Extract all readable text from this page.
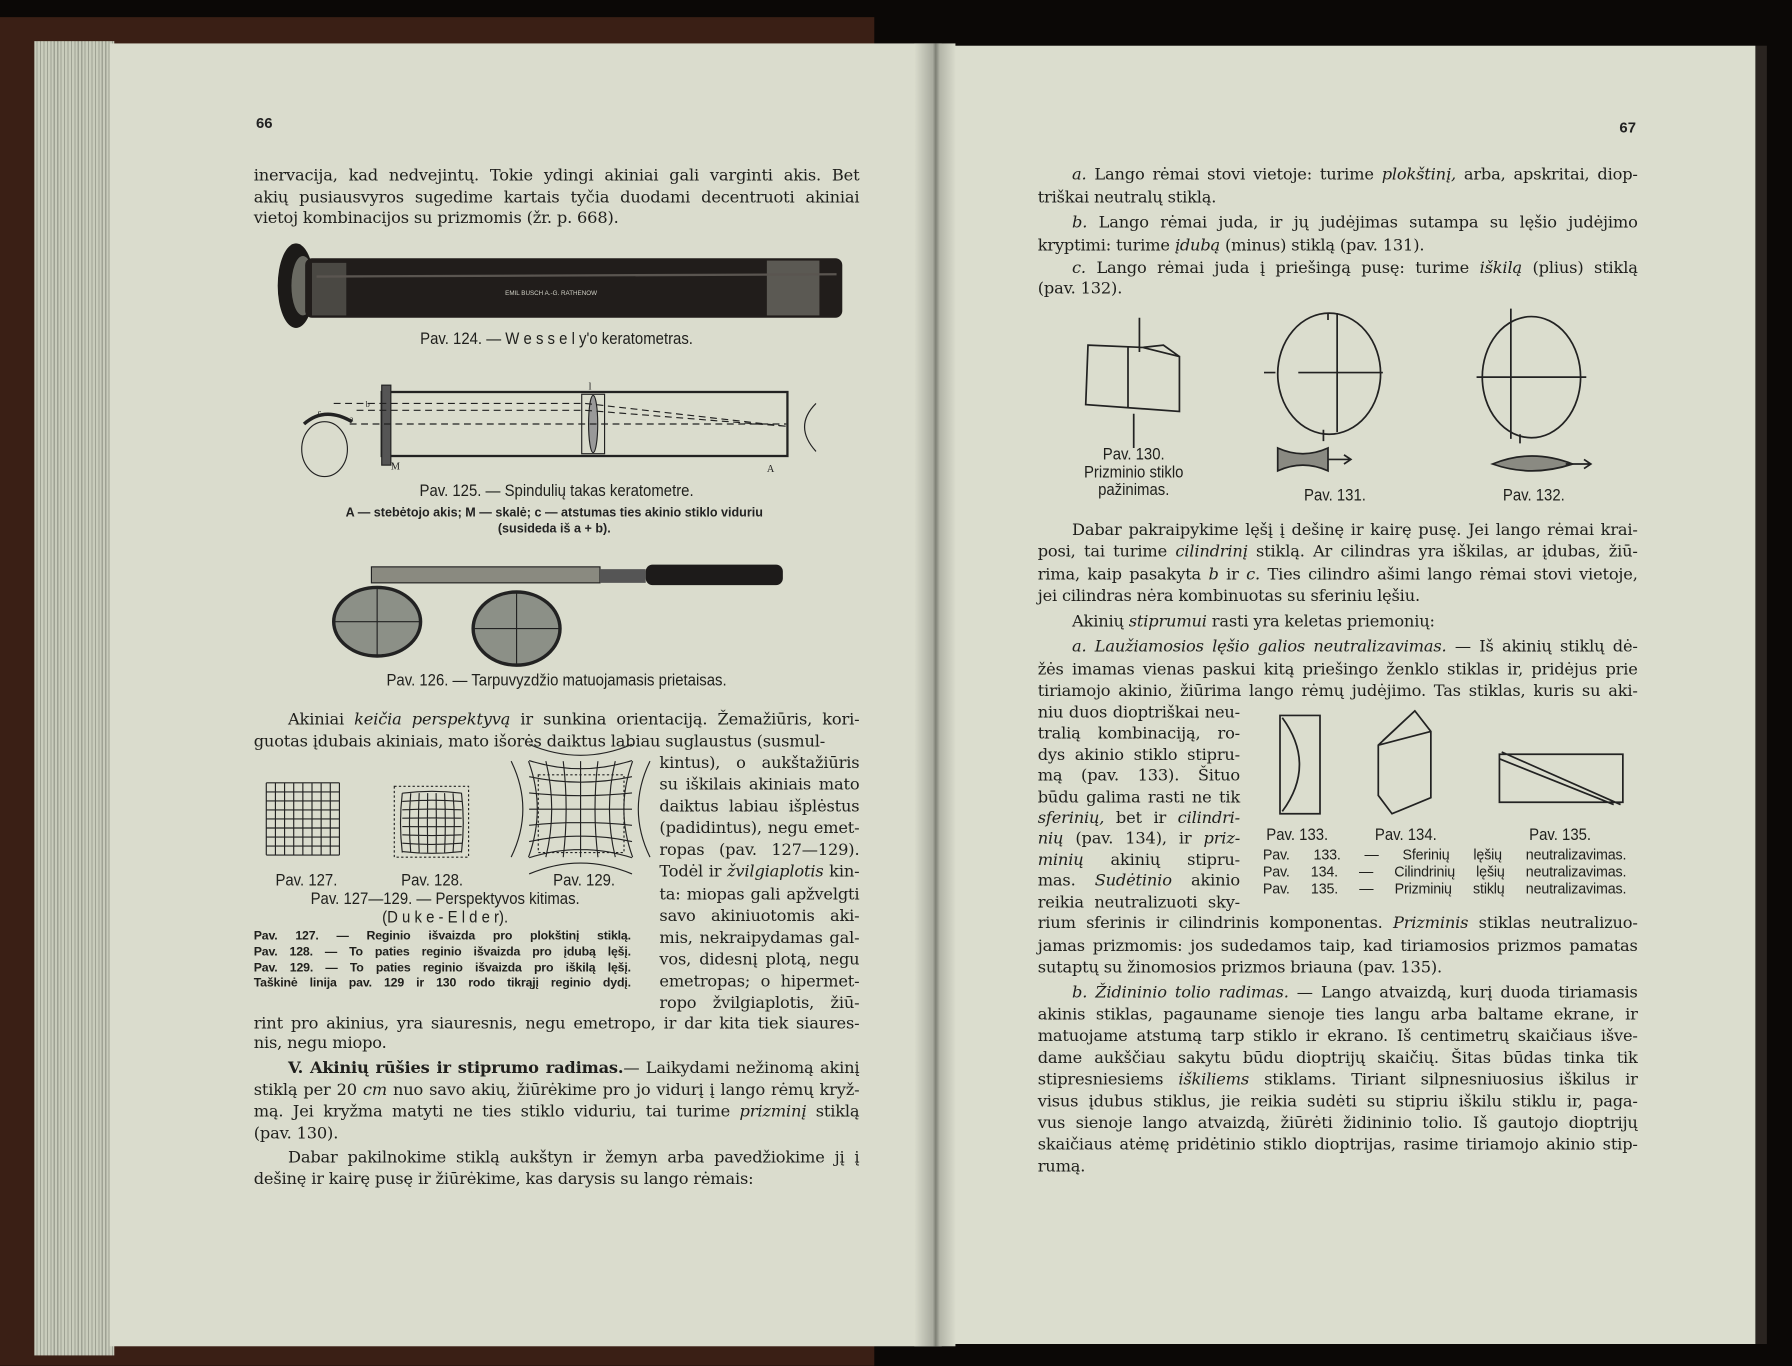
66
inervacija, kad nedvejintų. Tokie ydingi akiniai gali varginti akis. Bet
akių pusiausvyros sugedime kartais tyčia duodami decentruoti akiniai
vietoj kombinacijos su prizmomis (žr. p. 668).
EMIL BUSCH A.-G. RATHENOW
Pav. 124. — W e s s e l y'o keratometras.
l
b
a
c
M	A
Pav. 125. — Spindulių takas keratometre.
A — stebėtojo akis; M — skalė; c — atstumas ties akinio stiklo viduriu
(susideda iš a + b).
Pav. 126. — Tarpuvyzdžio matuojamasis prietaisas.
Akiniai keičia perspektyvą ir sunkina orientaciją. Žemažiūris, kori-
guotas įdubais akiniais, mato išorės daiktus labiau suglaustus (susmul-
kintus), o aukštažiūris
su iškilais akiniais mato
daiktus labiau išplėstus
(padidintus), negu emet-
ropas (pav. 127—129).
Todėl ir žvilgiaplotis kin-
ta: miopas gali apžvelgti
savo akiniuotomis aki-
mis, nekraipydamas gal-
vos, didesnį plotą, negu
emetropas; o hipermet-
ropo žvilgiaplotis, žiū-
rint pro akinius, yra siauresnis, negu emetropo, ir dar kita tiek siaures-
nis, negu miopo.
Pav. 127.	Pav. 128.	Pav. 129.
Pav. 127—129. — Perspektyvos kitimas.
(D u k e - E l d e r).
Pav. 127. — Reginio išvaizda pro plokštinį stiklą.
Pav. 128. — To paties reginio išvaizda pro įdubą lęšį.
Pav. 129. — To paties reginio išvaizda pro iškilą lęšį.
Taškinė linija pav. 129 ir 130 rodo tikrąjį reginio dydį.
V. Akinių rūšies ir stiprumo radimas.— Laikydami nežinomą akinį
stiklą per 20 cm nuo savo akių, žiūrėkime pro jo vidurį į lango rėmų kryž-
mą. Jei kryžma matyti ne ties stiklo viduriu, tai turime prizminį stiklą
(pav. 130).
Dabar pakilnokime stiklą aukštyn ir žemyn arba pavedžiokime jį į
dešinę ir kairę pusę ir žiūrėkime, kas darysis su lango rėmais:
67
a. Lango rėmai stovi vietoje: turime plokštinį, arba, apskritai, diop-
triškai neutralų stiklą.
b. Lango rėmai juda, ir jų judėjimas sutampa su lęšio judėjimo
kryptimi: turime įdubą (minus) stiklą (pav. 131).
c. Lango rėmai juda į priešingą pusę: turime iškilą (plius) stiklą
(pav. 132).
Pav. 130.
Prizminio stiklo
pažinimas.	Pav. 131.	Pav. 132.
Dabar pakraipykime lęšį į dešinę ir kairę pusę. Jei lango rėmai krai-
posi, tai turime cilindrinį stiklą. Ar cilindras yra iškilas, ar įdubas, žiū-
rima, kaip pasakyta b ir c. Ties cilindro ašimi lango rėmai stovi vietoje,
jei cilindras nėra kombinuotas su sferiniu lęšiu.
Akinių stiprumui rasti yra keletas priemonių:
a. Laužiamosios lęšio galios neutralizavimas. — Iš akinių stiklų dė-
žės imamas vienas paskui kitą priešingo ženklo stiklas ir, pridėjus prie
tiriamojo akinio, žiūrima lango rėmų judėjimo. Tas stiklas, kuris su aki-
niu duos dioptriškai neu-
tralią kombinaciją, ro-
dys akinio stiklo stipru-
mą (pav. 133). Šituo
būdu galima rasti ne tik
sferinių, bet ir cilindri-
nių (pav. 134), ir priz-
minių akinių stipru-
mas. Sudėtinio akinio
reikia neutralizuoti sky-
Pav. 133.	Pav. 134.	Pav. 135.
Pav. 133. — Sferinių lęšių neutralizavimas.
Pav. 134. — Cilindrinių lęšių neutralizavimas.
Pav. 135. — Prizminių stiklų neutralizavimas.
rium sferinis ir cilindrinis komponentas. Prizminis stiklas neutralizuo-
jamas prizmomis: jos sudedamos taip, kad tiriamosios prizmos pamatas
sutaptų su žinomosios prizmos briauna (pav. 135).
b. Židininio tolio radimas. — Lango atvaizdą, kurį duoda tiriamasis
akinis stiklas, pagauname sienoje ties langu arba baltame ekrane, ir
matuojame atstumą tarp stiklo ir ekrano. Iš centimetrų skaičiaus išve-
dame aukščiau sakytu būdu dioptrijų skaičių. Šitas būdas tinka tik
stipresniesiems iškiliems stiklams. Tiriant silpnesniuosius iškilus ir
visus įdubus stiklus, jie reikia sudėti su stipriu iškilu stiklu ir, paga-
vus sienoje lango atvaizdą, žiūrėti židininio tolio. Iš gautojo dioptrijų
skaičiaus atėmę pridėtinio stiklo dioptrijas, rasime tiriamojo akinio stip-
rumą.
